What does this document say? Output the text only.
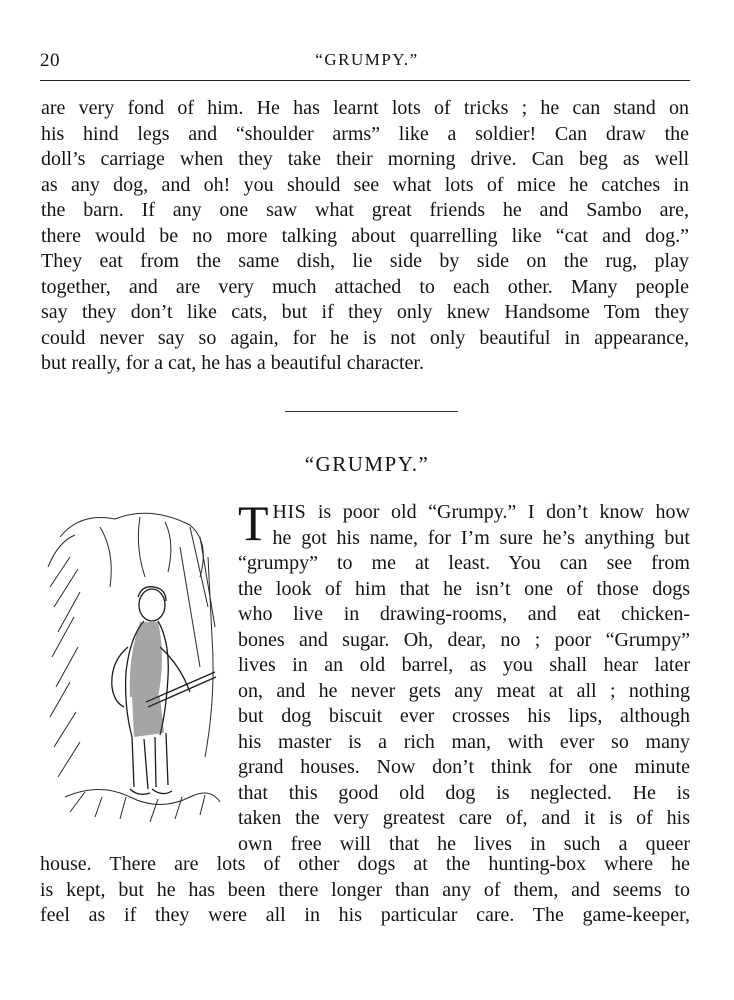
20	“GRUMPY.”
are very fond of him. He has learnt lots of tricks ; he can stand on
his hind legs and “shoulder arms” like a soldier! Can draw the
doll’s carriage when they take their morning drive. Can beg as well
as any dog, and oh! you should see what lots of mice he catches in
the barn. If any one saw what great friends he and Sambo are,
there would be no more talking about quarrelling like “cat and dog.”
They eat from the same dish, lie side by side on the rug, play
together, and are very much attached to each other. Many people
say they don’t like cats, but if they only knew Handsome Tom they
could never say so again, for he is not only beautiful in appearance,
but really, for a cat, he has a beautiful character.
“GRUMPY.”
THIS is poor old “Grumpy.” I don’t know how
he got his name, for I’m sure he’s anything but
“grumpy” to me at least. You can see from
the look of him that he isn’t one of those dogs
who live in drawing-rooms, and eat chicken-
bones and sugar. Oh, dear, no ; poor “Grumpy”
lives in an old barrel, as you shall hear later
on, and he never gets any meat at all ; nothing
but dog biscuit ever crosses his lips, although
his master is a rich man, with ever so many
grand houses. Now don’t think for one minute
that this good old dog is neglected. He is
taken the very greatest care of, and it is of his
own free will that he lives in such a queer
house. There are lots of other dogs at the hunting-box where he
is kept, but he has been there longer than any of them, and seems to
feel as if they were all in his particular care. The game-keeper,
